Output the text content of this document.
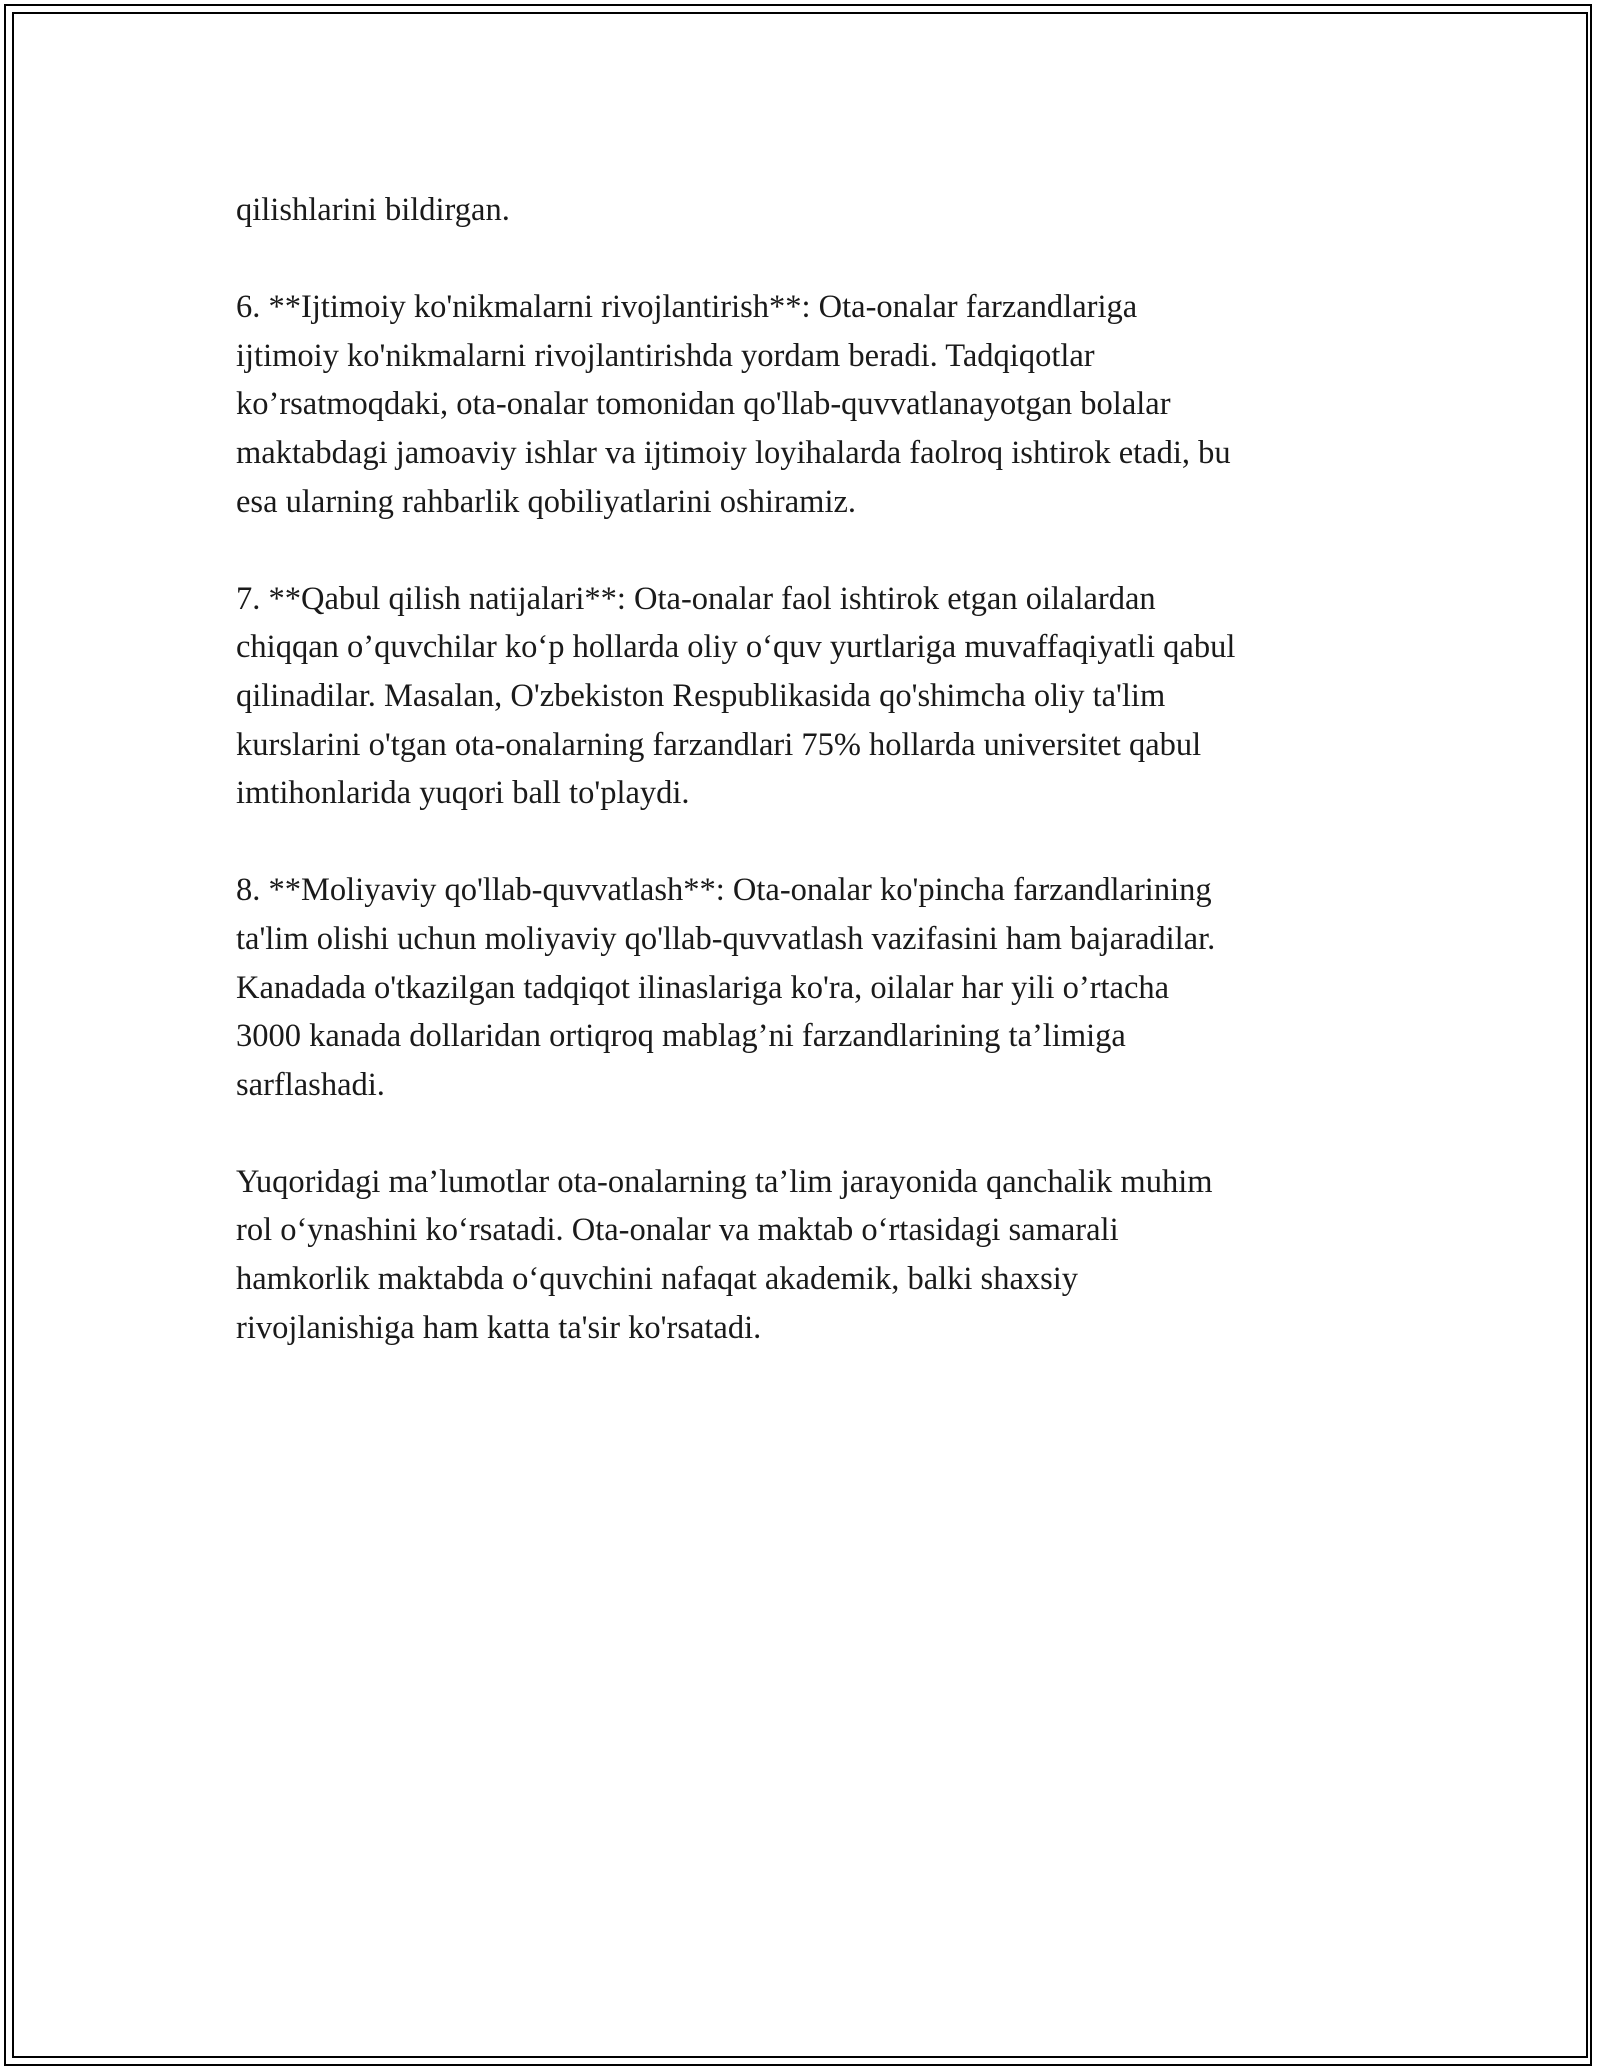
qilishlarini bildirgan.

6. **Ijtimoiy ko'nikmalarni rivojlantirish**: Ota-onalar farzandlariga
ijtimoiy ko'nikmalarni rivojlantirishda yordam beradi. Tadqiqotlar
ko’rsatmoqdaki, ota-onalar tomonidan qo'llab-quvvatlanayotgan bolalar
maktabdagi jamoaviy ishlar va ijtimoiy loyihalarda faolroq ishtirok etadi, bu
esa ularning rahbarlik qobiliyatlarini oshiramiz.

7. **Qabul qilish natijalari**: Ota-onalar faol ishtirok etgan oilalardan
chiqqan o’quvchilar ko‘p hollarda oliy o‘quv yurtlariga muvaffaqiyatli qabul
qilinadilar. Masalan, O'zbekiston Respublikasida qo'shimcha oliy ta'lim
kurslarini o'tgan ota-onalarning farzandlari 75% hollarda universitet qabul
imtihonlarida yuqori ball to'playdi.

8. **Moliyaviy qo'llab-quvvatlash**: Ota-onalar ko'pincha farzandlarining
ta'lim olishi uchun moliyaviy qo'llab-quvvatlash vazifasini ham bajaradilar.
Kanadada o'tkazilgan tadqiqot ilinaslariga ko'ra, oilalar har yili o’rtacha
3000 kanada dollaridan ortiqroq mablag’ni farzandlarining ta’limiga
sarflashadi.

Yuqoridagi ma’lumotlar ota-onalarning ta’lim jarayonida qanchalik muhim
rol o‘ynashini ko‘rsatadi. Ota-onalar va maktab o‘rtasidagi samarali
hamkorlik maktabda o‘quvchini nafaqat akademik, balki shaxsiy
rivojlanishiga ham katta ta'sir ko'rsatadi.
